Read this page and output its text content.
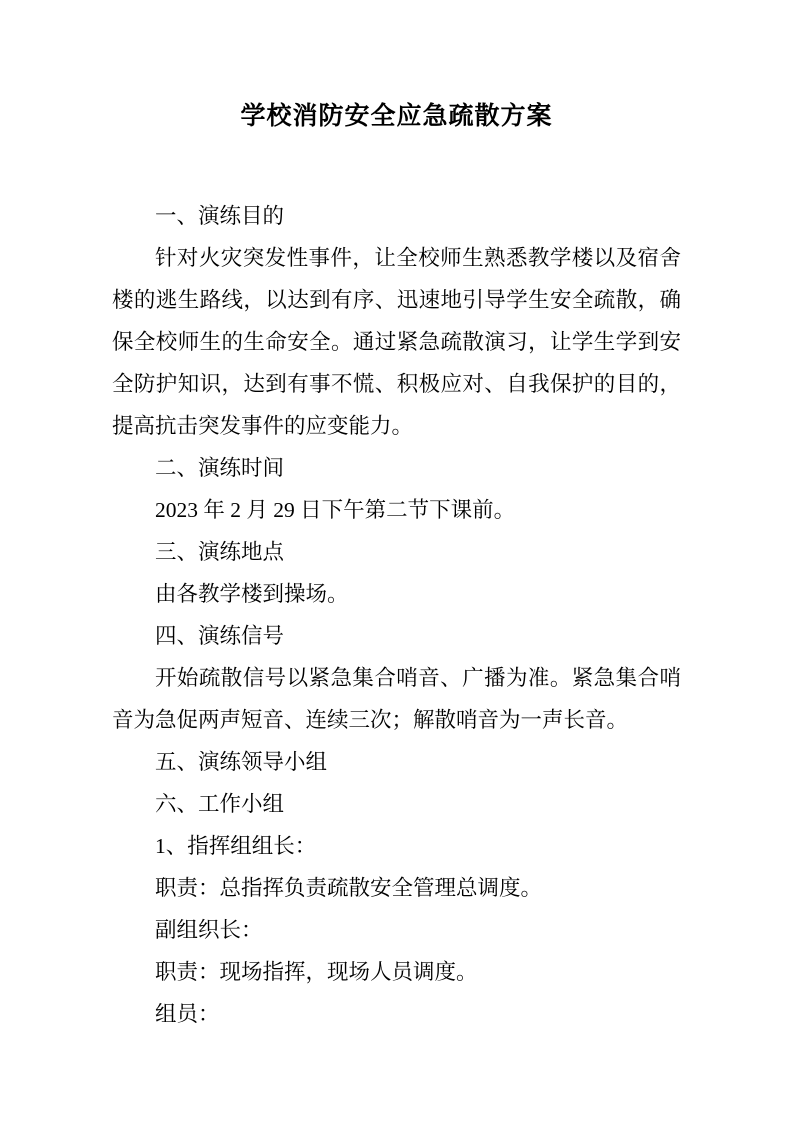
学校消防安全应急疏散方案

一、演练目的

针对火灾突发性事件，让全校师生熟悉教学楼以及宿舍楼的逃生路线，以达到有序、迅速地引导学生安全疏散，确保全校师生的生命安全。通过紧急疏散演习，让学生学到安全防护知识，达到有事不慌、积极应对、自我保护的目的，提高抗击突发事件的应变能力。

二、演练时间

2023 年 2 月 29 日下午第二节下课前。

三、演练地点

由各教学楼到操场。

四、演练信号

开始疏散信号以紧急集合哨音、广播为准。紧急集合哨音为急促两声短音、连续三次；解散哨音为一声长音。

五、演练领导小组

六、工作小组

1、指挥组组长：

职责：总指挥负责疏散安全管理总调度。

副组织长：

职责：现场指挥，现场人员调度。

组员：
